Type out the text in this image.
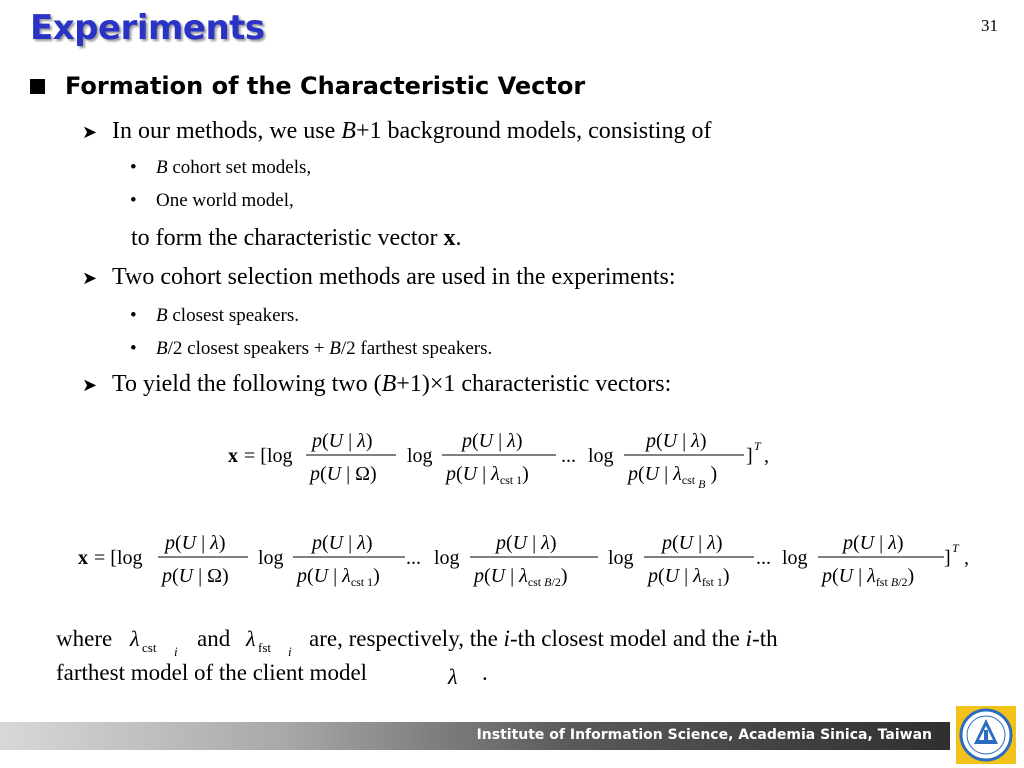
Experiments	31
Formation of the Characteristic Vector
➤ In our methods, we use B+1 background models, consisting of
• B cohort set models,
• One world model,
to form the characteristic vector x.
➤ Two cohort selection methods are used in the experiments:
• B closest speakers.
• B/2 closest speakers + B/2 farthest speakers.
➤ To yield the following two (B+1)×1 characteristic vectors:
x = [log
p(U | λ)
p(U | Ω)
log
p(U | λ)
p(U | $\lambda_{cst 1}$)
... log
p(U | λ)
p(U | $\lambda_{cst}$ $_B$ )
] T ,
x = [log
p(U | λ)
p(U | Ω)
log
p(U | λ)
p(U | $\lambda_{cst 1}$)
... log
p(U | λ)
p(U | $\lambda_{cst}$ B/2)
log
p(U | λ)
p(U | $\lambda_{fst 1}$)
... log
p(U | λ)
p(U | $\lambda_{fst}$ B/2)
] T ,
λ cst i
λ fst i
λ
where	and	are, respectively, the i-th closest model and the i-th
farthest model of the client model	.
Institute of Information Science, Academia Sinica, Taiwan
